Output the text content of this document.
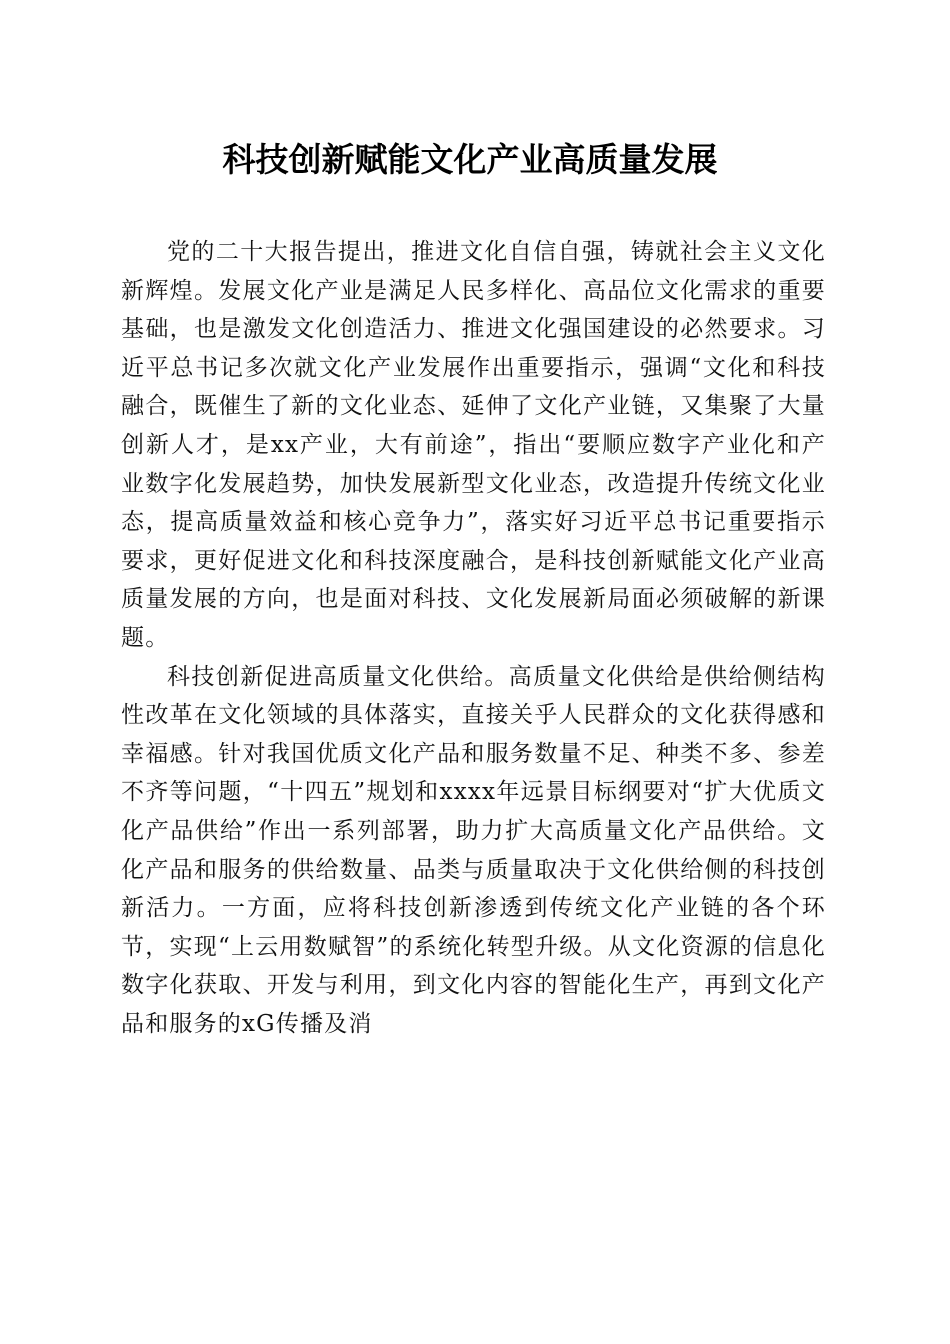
科技创新赋能文化产业高质量发展

党的二十大报告提出，推进文化自信自强，铸就社会主义文化新辉煌。发展文化产业是满足人民多样化、高品位文化需求的重要基础，也是激发文化创造活力、推进文化强国建设的必然要求。习近平总书记多次就文化产业发展作出重要指示，强调“文化和科技融合，既催生了新的文化业态、延伸了文化产业链，又集聚了大量创新人才，是xx产业，大有前途”，指出“要顺应数字产业化和产业数字化发展趋势，加快发展新型文化业态，改造提升传统文化业态，提高质量效益和核心竞争力”，落实好习近平总书记重要指示要求，更好促进文化和科技深度融合，是科技创新赋能文化产业高质量发展的方向，也是面对科技、文化发展新局面必须破解的新课题。

科技创新促进高质量文化供给。高质量文化供给是供给侧结构性改革在文化领域的具体落实，直接关乎人民群众的文化获得感和幸福感。针对我国优质文化产品和服务数量不足、种类不多、参差不齐等问题，“十四五”规划和xxxx年远景目标纲要对“扩大优质文化产品供给”作出一系列部署，助力扩大高质量文化产品供给。文化产品和服务的供给数量、品类与质量取决于文化供给侧的科技创新活力。一方面，应将科技创新渗透到传统文化产业链的各个环节，实现“上云用数赋智”的系统化转型升级。从文化资源的信息化数字化获取、开发与利用，到文化内容的智能化生产，再到文化产品和服务的xG传播及消
